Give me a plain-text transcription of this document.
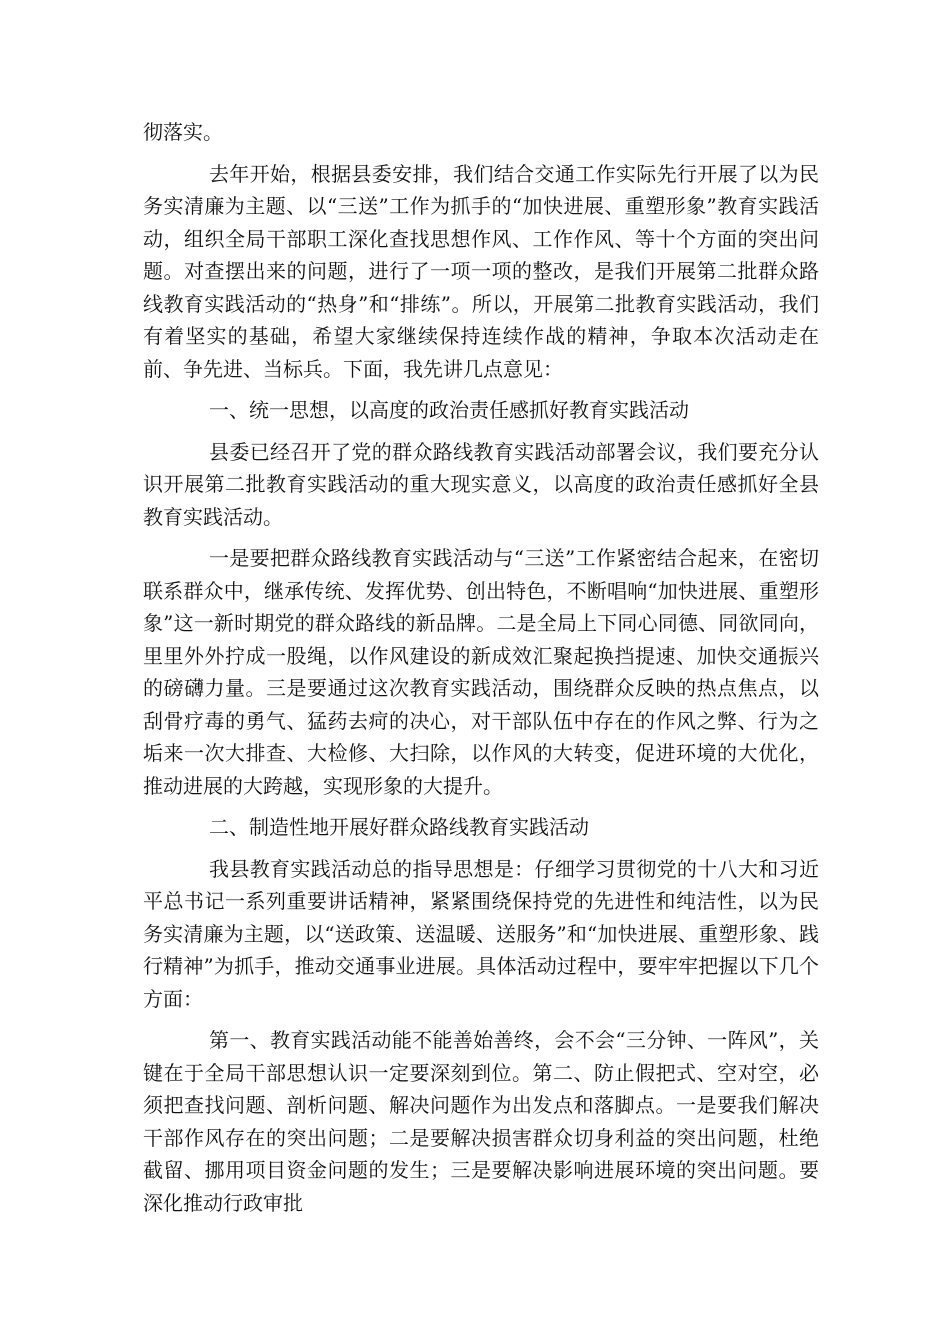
彻落实。

去年开始，根据县委安排，我们结合交通工作实际先行开展了以为民务实清廉为主题、以“三送”工作为抓手的“加快进展、重塑形象”教育实践活动，组织全局干部职工深化查找思想作风、工作作风、等十个方面的突出问题。对查摆出来的问题，进行了一项一项的整改，是我们开展第二批群众路线教育实践活动的“热身”和“排练”。所以，开展第二批教育实践活动，我们有着坚实的基础，希望大家继续保持连续作战的精神，争取本次活动走在前、争先进、当标兵。下面，我先讲几点意见：

一、统一思想，以高度的政治责任感抓好教育实践活动

县委已经召开了党的群众路线教育实践活动部署会议，我们要充分认识开展第二批教育实践活动的重大现实意义，以高度的政治责任感抓好全县教育实践活动。

一是要把群众路线教育实践活动与“三送”工作紧密结合起来，在密切联系群众中，继承传统、发挥优势、创出特色，不断唱响“加快进展、重塑形象”这一新时期党的群众路线的新品牌。二是全局上下同心同德、同欲同向，里里外外拧成一股绳，以作风建设的新成效汇聚起换挡提速、加快交通振兴的磅礴力量。三是要通过这次教育实践活动，围绕群众反映的热点焦点，以刮骨疗毒的勇气、猛药去疴的决心，对干部队伍中存在的作风之弊、行为之垢来一次大排查、大检修、大扫除，以作风的大转变，促进环境的大优化，推动进展的大跨越，实现形象的大提升。

二、制造性地开展好群众路线教育实践活动

我县教育实践活动总的指导思想是：仔细学习贯彻党的十八大和习近平总书记一系列重要讲话精神，紧紧围绕保持党的先进性和纯洁性，以为民务实清廉为主题，以“送政策、送温暖、送服务”和“加快进展、重塑形象、践行精神”为抓手，推动交通事业进展。具体活动过程中，要牢牢把握以下几个方面：

第一、教育实践活动能不能善始善终，会不会“三分钟、一阵风”，关键在于全局干部思想认识一定要深刻到位。第二、防止假把式、空对空，必须把查找问题、剖析问题、解决问题作为出发点和落脚点。一是要我们解决干部作风存在的突出问题；二是要解决损害群众切身利益的突出问题，杜绝截留、挪用项目资金问题的发生；三是要解决影响进展环境的突出问题。要深化推动行政审批
